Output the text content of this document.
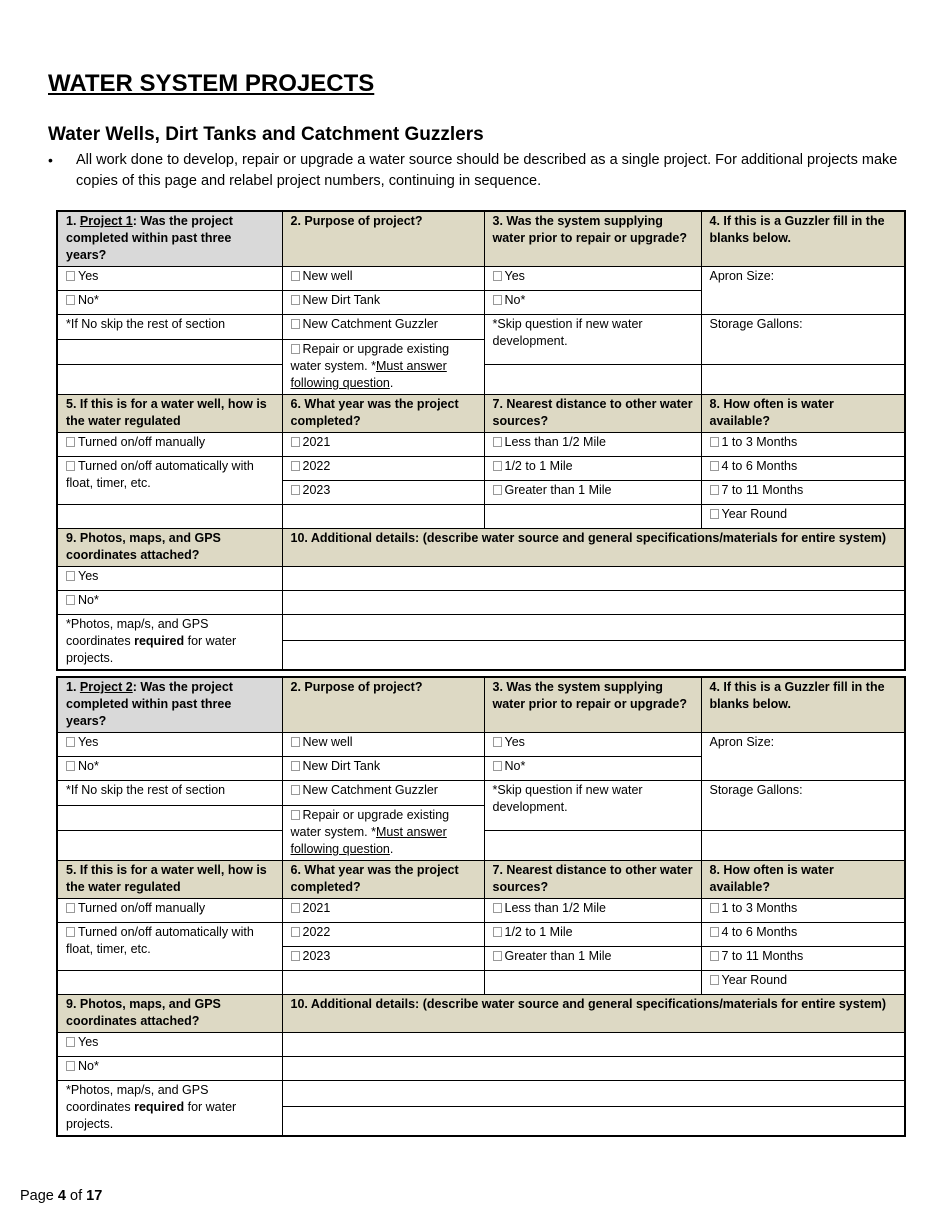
WATER SYSTEM PROJECTS
Water Wells, Dirt Tanks and Catchment Guzzlers
•	All work done to develop, repair or upgrade a water source should be described as a single project. For additional projects make copies of this page and relabel project numbers, continuing in sequence.
1. Project 1: Was the project completed within past three years?	2. Purpose of project?	3. Was the system supplying water prior to repair or upgrade?	4. If this is a Guzzler fill in the blanks below.
Yes	New well	Yes	Apron Size:
No*	New Dirt Tank	No*	
*If No skip the rest of section	New Catchment Guzzler	*Skip question if new water development.	Storage Gallons:
	Repair or upgrade existing water system. *Must answer following question.		

5. If this is for a water well, how is the water regulated	6. What year was the project completed?	7. Nearest distance to other water sources?	8. How often is water available?
Turned on/off manually	2021	Less than 1/2 Mile	1 to 3 Months
Turned on/off automatically with float, timer, etc.	2022	1/2 to 1 Mile	4 to 6 Months
	2023	Greater than 1 Mile	7 to 11 Months
			Year Round
9. Photos, maps, and GPS coordinates attached?	10. Additional details: (describe water source and general specifications/materials for entire system)		
Yes			
No*			
*Photos, map/s, and GPS coordinates required for water projects.			

1. Project 2: Was the project completed within past three years?	2. Purpose of project?	3. Was the system supplying water prior to repair or upgrade?	4. If this is a Guzzler fill in the blanks below.
Yes	New well	Yes	Apron Size:
No*	New Dirt Tank	No*	
*If No skip the rest of section	New Catchment Guzzler	*Skip question if new water development.	Storage Gallons:
	Repair or upgrade existing water system. *Must answer following question.		

5. If this is for a water well, how is the water regulated	6. What year was the project completed?	7. Nearest distance to other water sources?	8. How often is water available?
Turned on/off manually	2021	Less than 1/2 Mile	1 to 3 Months
Turned on/off automatically with float, timer, etc.	2022	1/2 to 1 Mile	4 to 6 Months
	2023	Greater than 1 Mile	7 to 11 Months
			Year Round
9. Photos, maps, and GPS coordinates attached?	10. Additional details: (describe water source and general specifications/materials for entire system)		
Yes			
No*			
*Photos, map/s, and GPS coordinates required for water projects.			

Page 4 of 17
